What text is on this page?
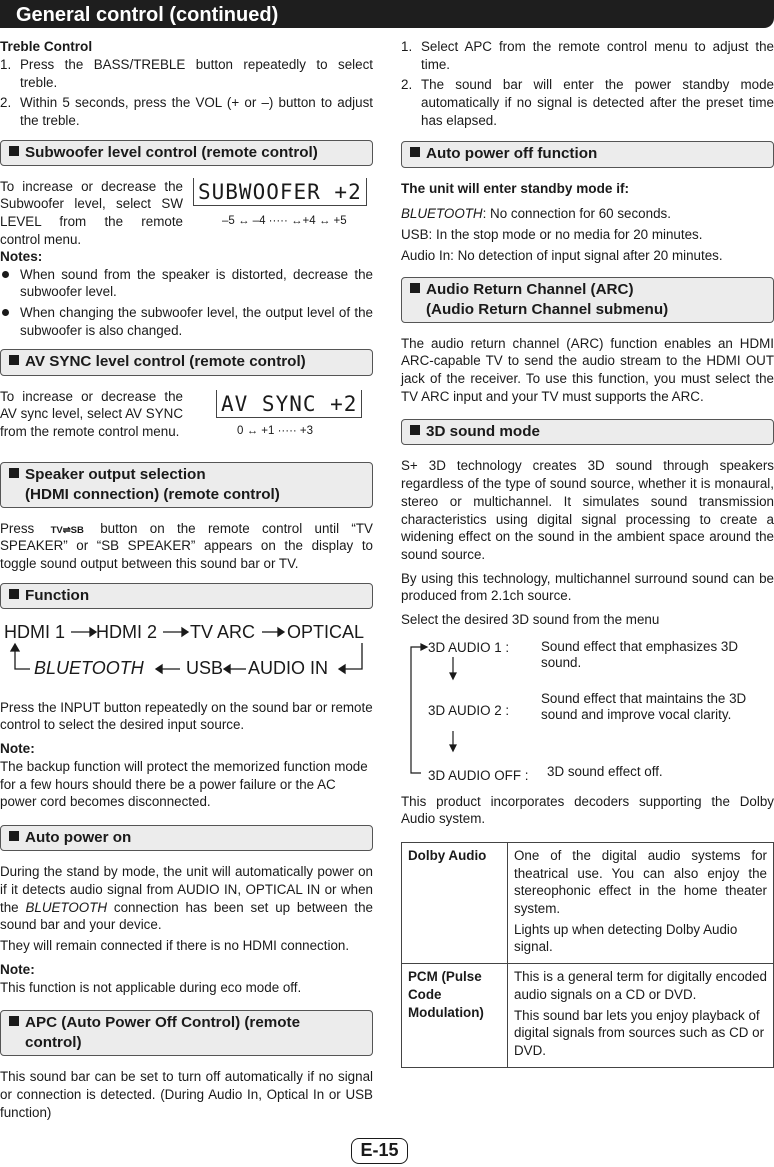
General control (continued)
Treble Control
1. Press the BASS/TREBLE button repeatedly to select treble.
2. Within 5 seconds, press the VOL (+ or –) button to adjust the treble.
Subwoofer level control (remote control)

To increase or decrease the Subwoofer level, select SW LEVEL from the remote control menu.

SUBWOOFER +2
–5 ↔ –4 ····· ↔+4 ↔ +5
Notes:
When sound from the speaker is distorted, decrease the subwoofer level.
When changing the subwoofer level, the output level of the subwoofer is also changed.
AV SYNC level control (remote control)

To increase or decrease the AV sync level, select AV SYNC from the remote control menu.

AV SYNC +2
0 ↔ +1 ····· +3
Speaker output selection
(HDMI connection) (remote control)

Press TV⇌SB button on the remote control until “TV SPEAKER” or “SB SPEAKER” appears on the display to toggle sound output between this sound bar or TV.

Function
HDMI 1 HDMI 2 TV ARC OPTICAL
AUDIO IN
USB
BLUETOOTH

Press the INPUT button repeatedly on the sound bar or remote control to select the desired input source.

Note:

The backup function will protect the memorized function mode for a few hours should there be a power failure or the AC power cord becomes disconnected.

Auto power on

During the stand by mode, the unit will automatically power on if it detects audio signal from AUDIO IN, OPTICAL IN or when the BLUETOOTH connection has been set up between the sound bar and your device.

They will remain connected if there is no HDMI connection.

Note:

This function is not applicable during eco mode off.

APC (Auto Power Off Control) (remote
control)

This sound bar can be set to turn off automatically if no signal or connection is detected. (During Audio In, Optical In or USB function)

1. Select APC from the remote control menu to adjust the time.
2. The sound bar will enter the power standby mode automatically if no signal is detected after the preset time has elapsed.
Auto power off function
The unit will enter standby mode if:

BLUETOOTH: No connection for 60 seconds.

USB: In the stop mode or no media for 20 minutes.

Audio In: No detection of input signal after 20 minutes.

Audio Return Channel (ARC)
(Audio Return Channel submenu)

The audio return channel (ARC) function enables an HDMI ARC-capable TV to send the audio stream to the HDMI OUT jack of the receiver. To use this function, you must select the TV ARC input and your TV must supports the ARC.

3D sound mode

S+ 3D technology creates 3D sound through speakers regardless of the type of sound source, whether it is monaural, stereo or multichannel. It simulates sound transmission characteristics using digital signal processing to create a widening effect on the sound in the ambient space around the sound source.

By using this technology, multichannel surround sound can be produced from 2.1ch source.

Select the desired 3D sound from the menu

3D AUDIO 1 : Sound effect that emphasizes 3D sound.
3D AUDIO 2 :
Sound effect that maintains the 3D sound and improve vocal clarity.
3D AUDIO OFF : 3D sound effect off.

This product incorporates decoders supporting the Dolby Audio system.

Dolby Audio	One of the digital audio systems for theatrical use. You can also enjoy the stereophonic effect in the home theater system.

Lights up when detecting Dolby Audio signal.

PCM (Pulse Code Modulation)	This is a general term for digitally encoded audio signals on a CD or DVD.

This sound bar lets you enjoy playback of digital signals from sources such as CD or DVD.

E-15
